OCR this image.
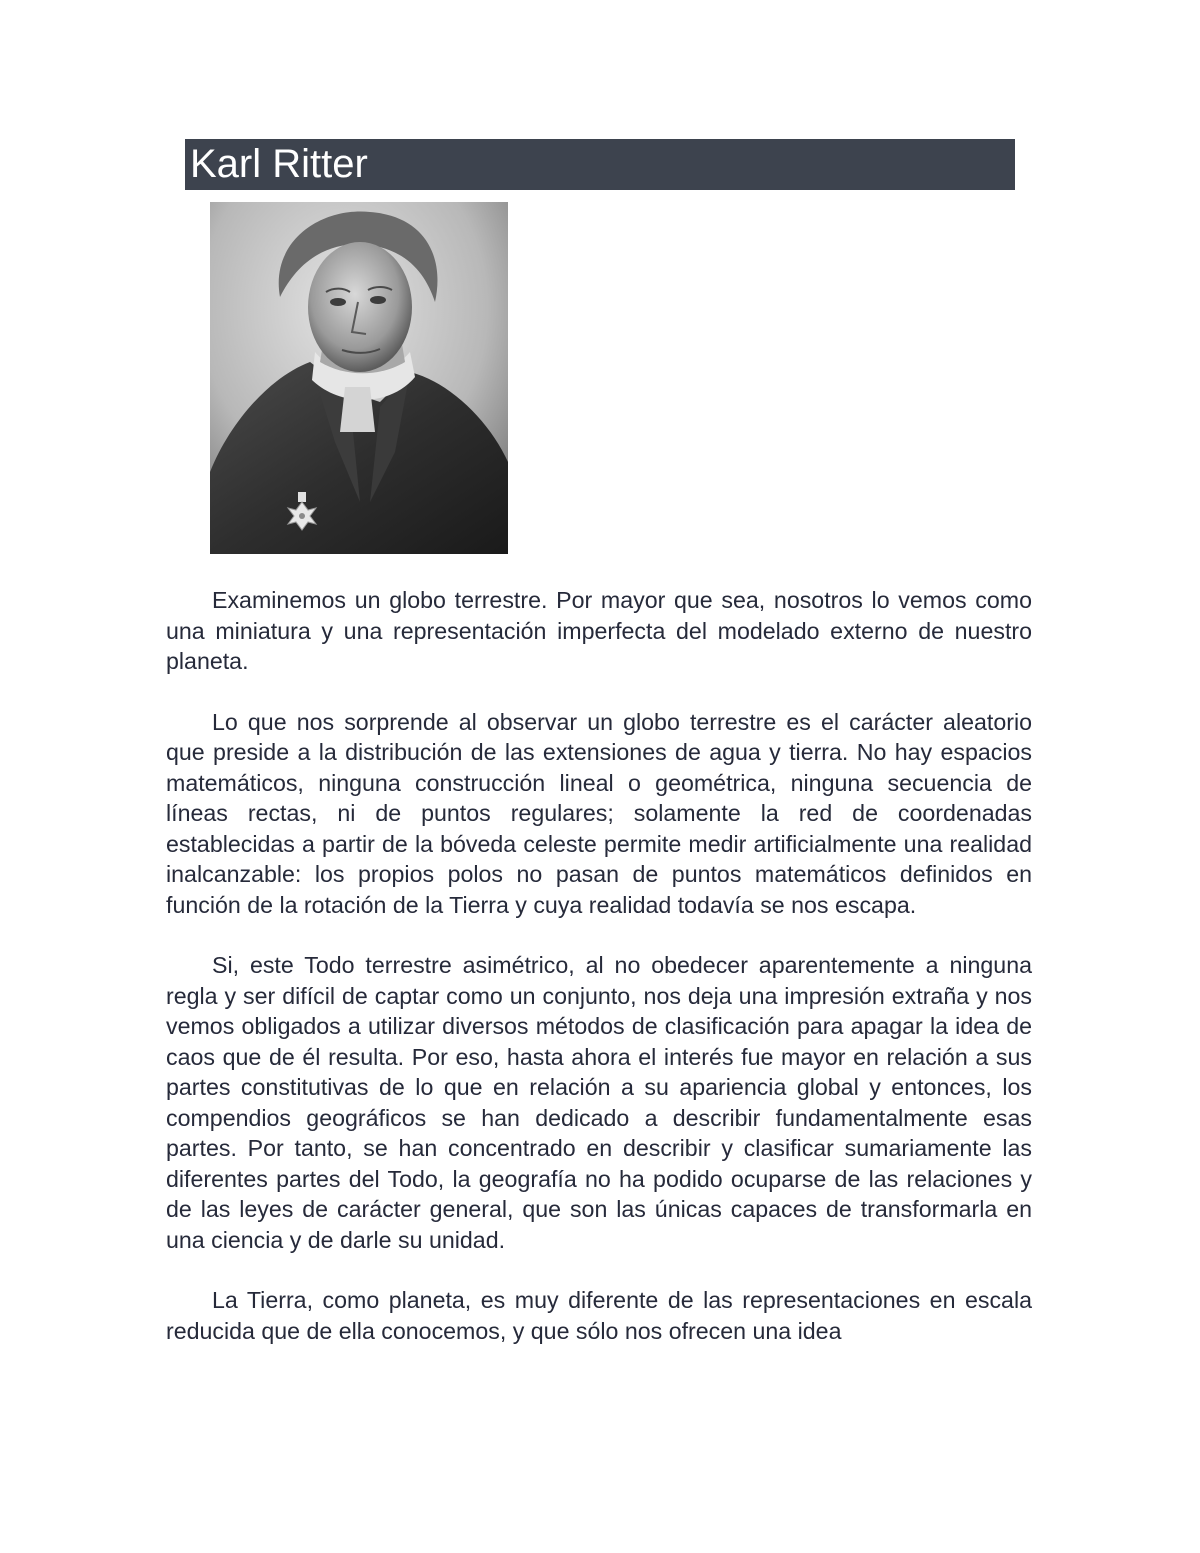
Karl Ritter

Examinemos un globo terrestre. Por mayor que sea, nosotros lo vemos como una miniatura y una representación imperfecta del modelado externo de nuestro planeta.

Lo que nos sorprende al observar un globo terrestre es el carácter aleatorio que preside a la distribución de las extensiones de agua y tierra. No hay espacios matemáticos, ninguna construcción lineal o geométrica, ninguna secuencia de líneas rectas, ni de puntos regulares; solamente la red de coordenadas establecidas a partir de la bóveda celeste permite medir artificialmente una realidad inalcanzable: los propios polos no pasan de puntos matemáticos definidos en función de la rotación de la Tierra y cuya realidad todavía se nos escapa.

Si, este Todo terrestre asimétrico, al no obedecer aparentemente a ninguna regla y ser difícil de captar como un conjunto, nos deja una impresión extraña y nos vemos obligados a utilizar diversos métodos de clasificación para apagar la idea de caos que de él resulta. Por eso, hasta ahora el interés fue mayor en relación a sus partes constitutivas de lo que en relación a su apariencia global y entonces, los compendios geográficos se han dedicado a describir fundamentalmente esas partes. Por tanto, se han concentrado en describir y clasificar sumariamente las diferentes partes del Todo, la geografía no ha podido ocuparse de las relaciones y de las leyes de carácter general, que son las únicas capaces de transformarla en una ciencia y de darle su unidad.

La Tierra, como planeta, es muy diferente de las representaciones en escala reducida que de ella conocemos, y que sólo nos ofrecen una idea
